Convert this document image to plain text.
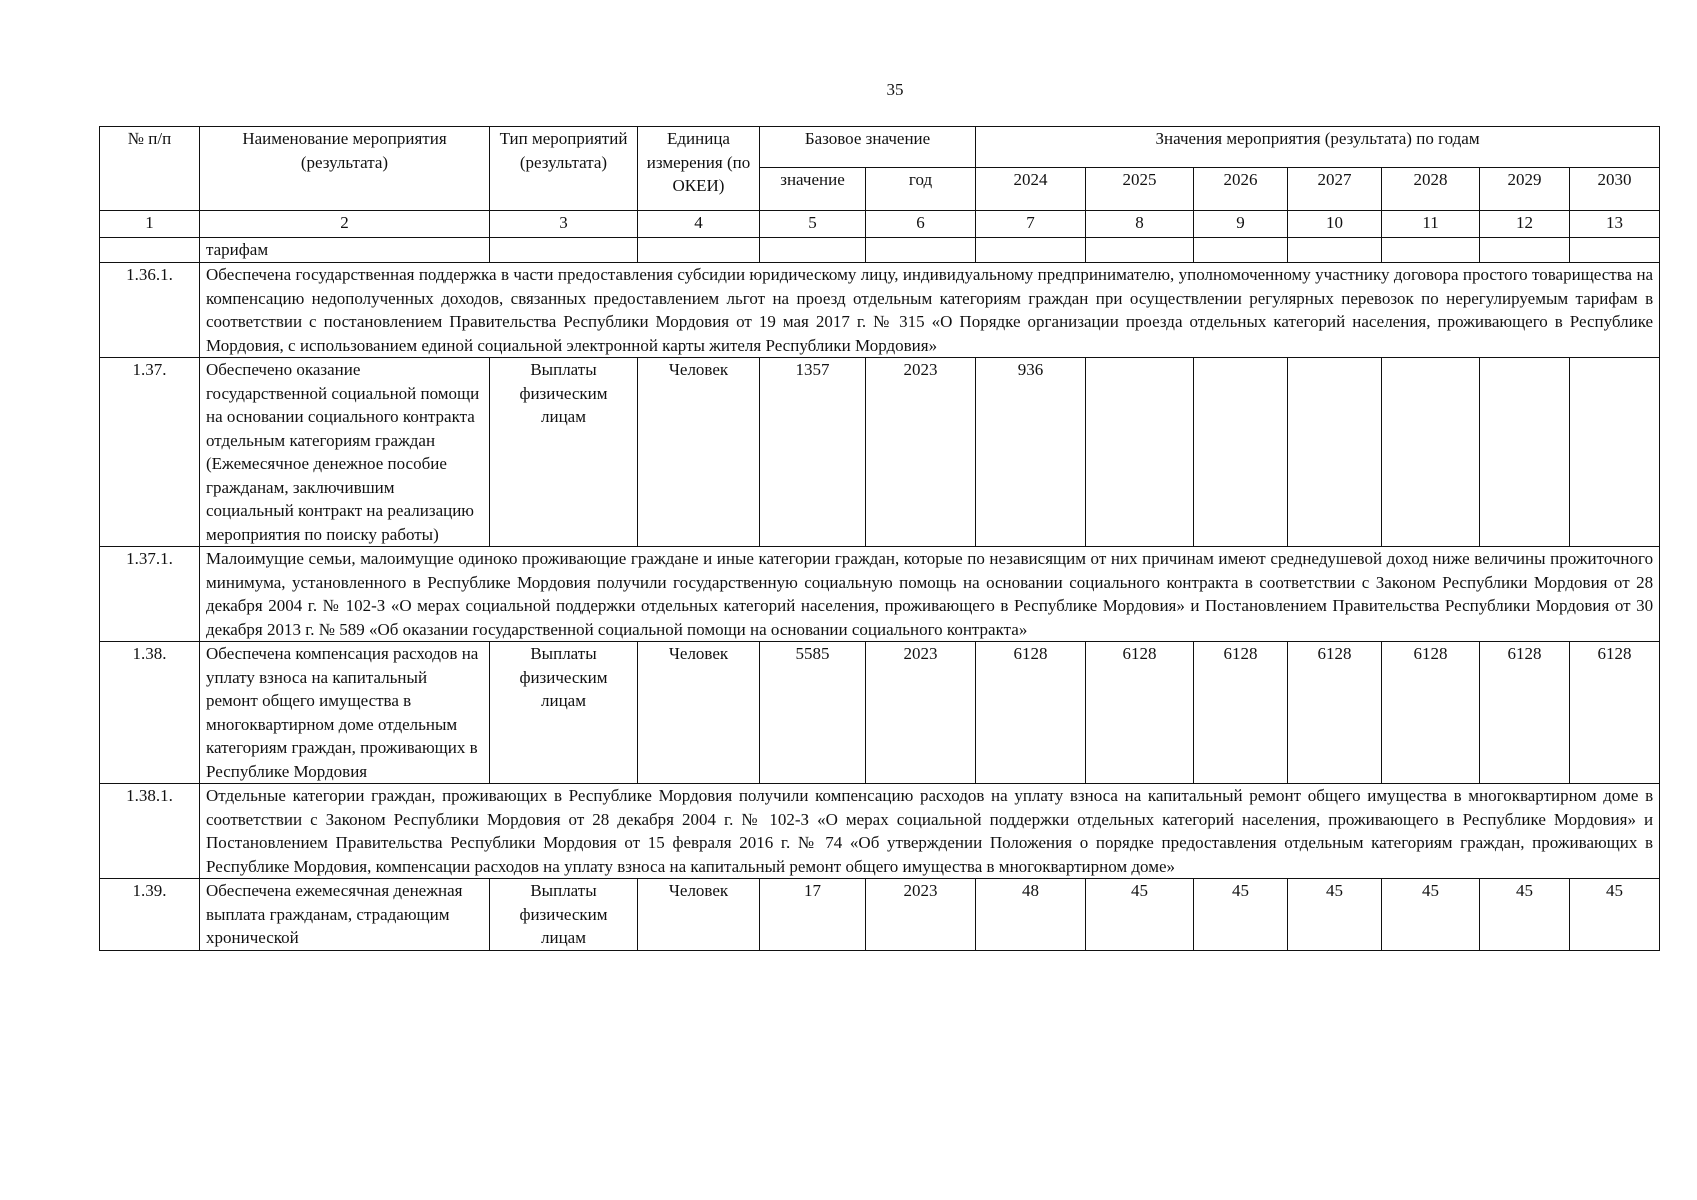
35
№ п/п	Наименование мероприятия (результата)	Тип мероприятий (результата)	Единица измерения (по ОКЕИ)	Базовое значение		Значения мероприятия (результата) по годам						
				значение	год	2024	2025	2026	2027	2028	2029	2030
1	2	3	4	5	6	7	8	9	10	11	12	13
	тарифам											
1.36.1.	Обеспечена государственная поддержка в части предоставления субсидии юридическому лицу, индивидуальному предпринимателю, уполномоченному участнику договора простого товарищества на компенсацию недополученных доходов, связанных предоставлением льгот на проезд отдельным категориям граждан при осуществлении регулярных перевозок по нерегулируемым тарифам в соответствии с постановлением Правительства Республики Мордовия от 19 мая 2017 г. № 315 «О Порядке организации проезда отдельных категорий населения, проживающего в Республике Мордовия, с использованием единой социальной электронной карты жителя Республики Мордовия»											
1.37.	Обеспечено оказание государственной социальной помощи на основании социального контракта отдельным категориям граждан (Ежемесячное денежное пособие гражданам, заключившим социальный контракт на реализацию мероприятия по поиску работы)	Выплаты физическим лицам	Человек	1357	2023	936						
1.37.1.	Малоимущие семьи, малоимущие одиноко проживающие граждане и иные категории граждан, которые по независящим от них причинам имеют среднедушевой доход ниже величины прожиточного минимума, установленного в Республике Мордовия получили государственную социальную помощь на основании социального контракта в соответствии с Законом Республики Мордовия от 28 декабря 2004 г. № 102-З «О мерах социальной поддержки отдельных категорий населения, проживающего в Республике Мордовия» и Постановлением Правительства Республики Мордовия от 30 декабря 2013 г. № 589 «Об оказании государственной социальной помощи на основании социального контракта»											
1.38.	Обеспечена компенсация расходов на уплату взноса на капитальный ремонт общего имущества в многоквартирном доме отдельным категориям граждан, проживающих в Республике Мордовия	Выплаты физическим лицам	Человек	5585	2023	6128	6128	6128	6128	6128	6128	6128
1.38.1.	Отдельные категории граждан, проживающих в Республике Мордовия получили компенсацию расходов на уплату взноса на капитальный ремонт общего имущества в многоквартирном доме в соответствии с Законом Республики Мордовия от 28 декабря 2004 г. № 102-З «О мерах социальной поддержки отдельных категорий населения, проживающего в Республике Мордовия» и Постановлением Правительства Республики Мордовия от 15 февраля 2016 г. № 74 «Об утверждении Положения о порядке предоставления отдельным категориям граждан, проживающих в Республике Мордовия, компенсации расходов на уплату взноса на капитальный ремонт общего имущества в многоквартирном доме»											
1.39.	Обеспечена ежемесячная денежная выплата гражданам, страдающим хронической	Выплаты физическим лицам	Человек	17	2023	48	45	45	45	45	45	45
